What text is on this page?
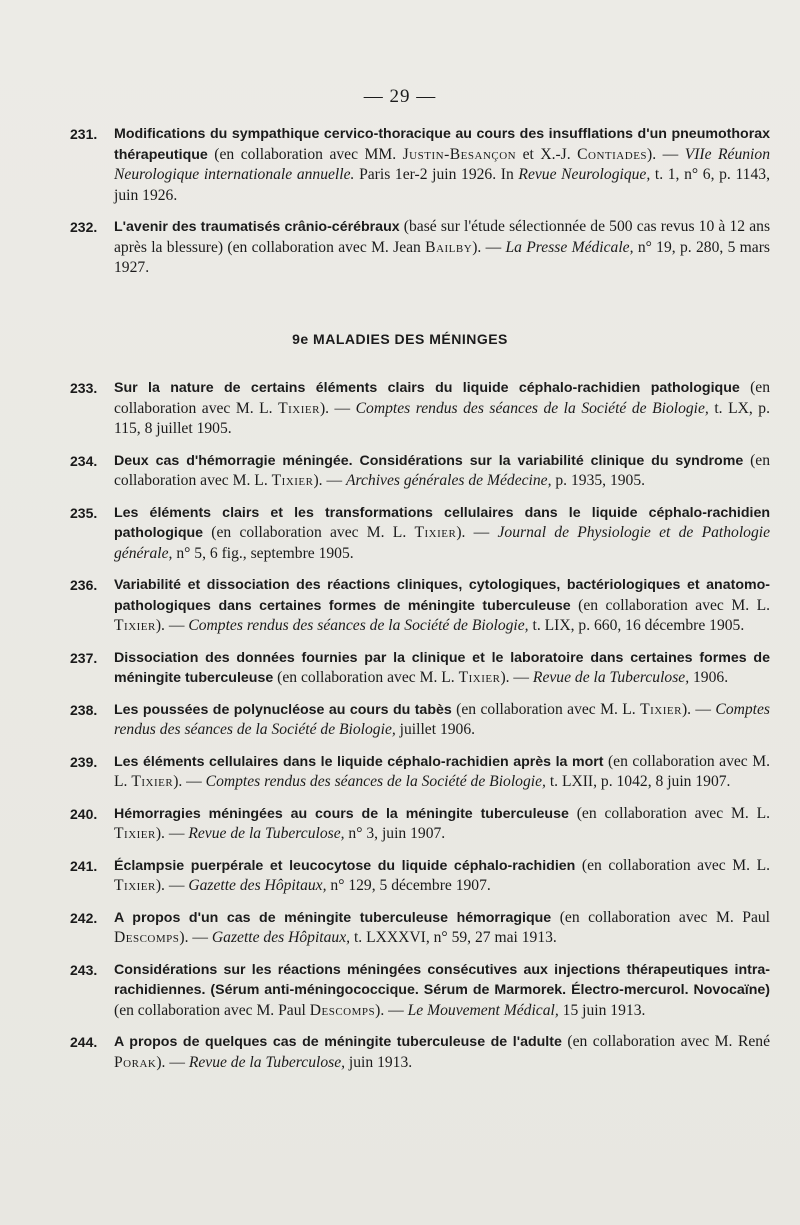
— 29 —
231.	Modifications du sympathique cervico-thoracique au cours des insufflations d'un pneumothorax thérapeutique (en collaboration avec MM. Justin-Besançon et X.-J. Contiades). — VIIe Réunion Neurologique internationale annuelle. Paris 1er-2 juin 1926. In Revue Neurologique, t. 1, n° 6, p. 1143, juin 1926.
232.	L'avenir des traumatisés crânio-cérébraux (basé sur l'étude sélectionnée de 500 cas revus 10 à 12 ans après la blessure) (en collaboration avec M. Jean Bailby). — La Presse Médicale, n° 19, p. 280, 5 mars 1927.
9e MALADIES DES MÉNINGES
233.	Sur la nature de certains éléments clairs du liquide céphalo-rachidien pathologique (en collaboration avec M. L. Tixier). — Comptes rendus des séances de la Société de Biologie, t. LX, p. 115, 8 juillet 1905.
234.	Deux cas d'hémorragie méningée. Considérations sur la variabilité clinique du syndrome (en collaboration avec M. L. Tixier). — Archives générales de Médecine, p. 1935, 1905.
235.	Les éléments clairs et les transformations cellulaires dans le liquide céphalo-rachidien pathologique (en collaboration avec M. L. Tixier). — Journal de Physiologie et de Pathologie générale, n° 5, 6 fig., septembre 1905.
236.	Variabilité et dissociation des réactions cliniques, cytologiques, bactériologiques et anatomo-pathologiques dans certaines formes de méningite tuberculeuse (en collaboration avec M. L. Tixier). — Comptes rendus des séances de la Société de Biologie, t. LIX, p. 660, 16 décembre 1905.
237.	Dissociation des données fournies par la clinique et le laboratoire dans certaines formes de méningite tuberculeuse (en collaboration avec M. L. Tixier). — Revue de la Tuberculose, 1906.
238.	Les poussées de polynucléose au cours du tabès (en collaboration avec M. L. Tixier). — Comptes rendus des séances de la Société de Biologie, juillet 1906.
239.	Les éléments cellulaires dans le liquide céphalo-rachidien après la mort (en collaboration avec M. L. Tixier). — Comptes rendus des séances de la Société de Biologie, t. LXII, p. 1042, 8 juin 1907.
240.	Hémorragies méningées au cours de la méningite tuberculeuse (en collaboration avec M. L. Tixier). — Revue de la Tuberculose, n° 3, juin 1907.
241.	Éclampsie puerpérale et leucocytose du liquide céphalo-rachidien (en collaboration avec M. L. Tixier). — Gazette des Hôpitaux, n° 129, 5 décembre 1907.
242.	A propos d'un cas de méningite tuberculeuse hémorragique (en collaboration avec M. Paul Descomps). — Gazette des Hôpitaux, t. LXXXVI, n° 59, 27 mai 1913.
243.	Considérations sur les réactions méningées consécutives aux injections thérapeutiques intra-rachidiennes. (Sérum anti-méningococcique. Sérum de Marmorek. Électro-mercurol. Novocaïne) (en collaboration avec M. Paul Descomps). — Le Mouvement Médical, 15 juin 1913.
244.	A propos de quelques cas de méningite tuberculeuse de l'adulte (en collaboration avec M. René Porak). — Revue de la Tuberculose, juin 1913.
